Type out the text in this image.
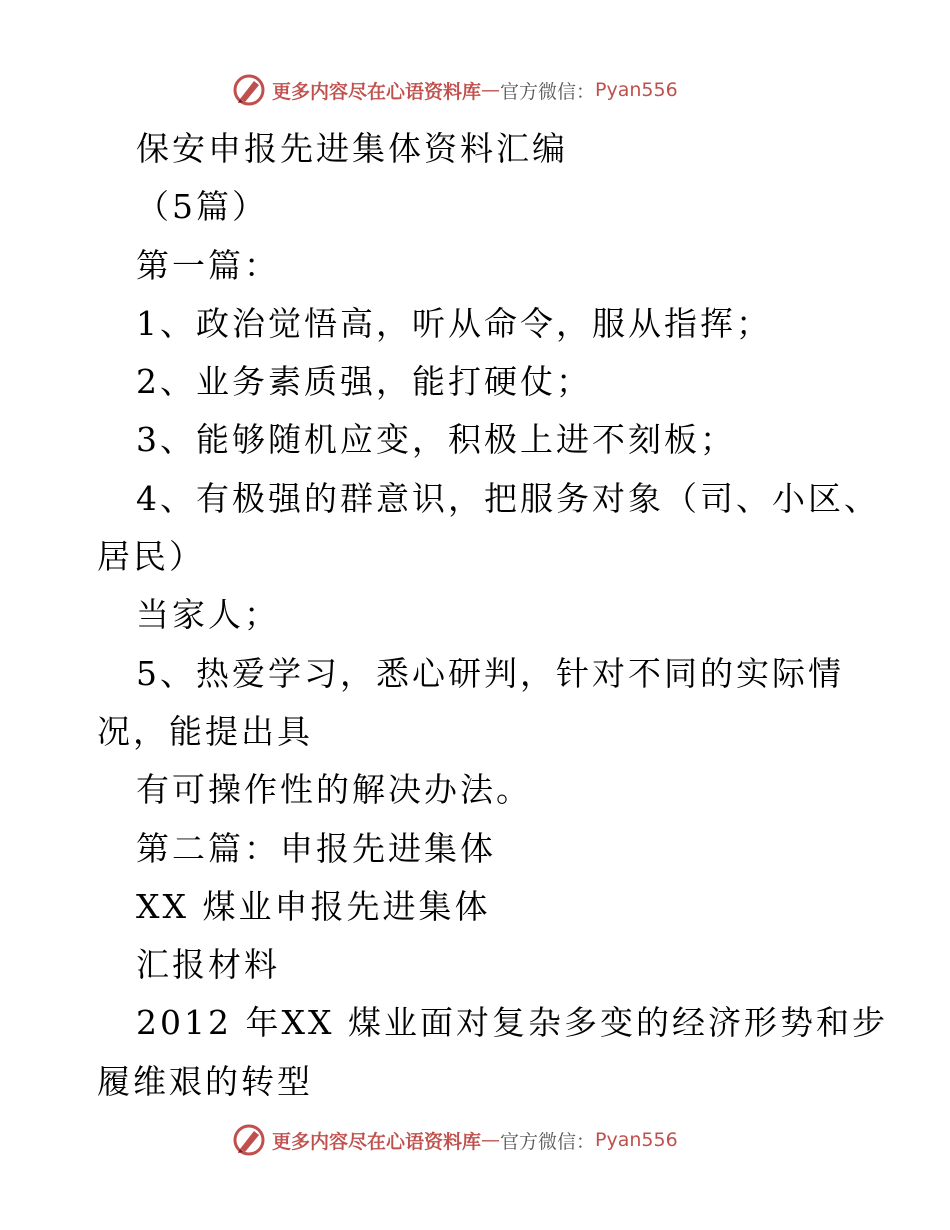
更多内容尽在心语资料库 — 官方微信： Pyan556
保安申报先进集体资料汇编
（5篇）
第一篇：
1、政治觉悟高，听从命令，服从指挥；
2、业务素质强，能打硬仗；
3、能够随机应变，积极上进不刻板；
4、有极强的群意识，把服务对象（司、小区、
居民）
当家人；
5、热爱学习，悉心研判，针对不同的实际情
况，能提出具
有可操作性的解决办法。
第二篇：申报先进集体
XX 煤业申报先进集体
汇报材料
2012 年XX 煤业面对复杂多变的经济形势和步
履维艰的转型
更多内容尽在心语资料库 — 官方微信： Pyan556
